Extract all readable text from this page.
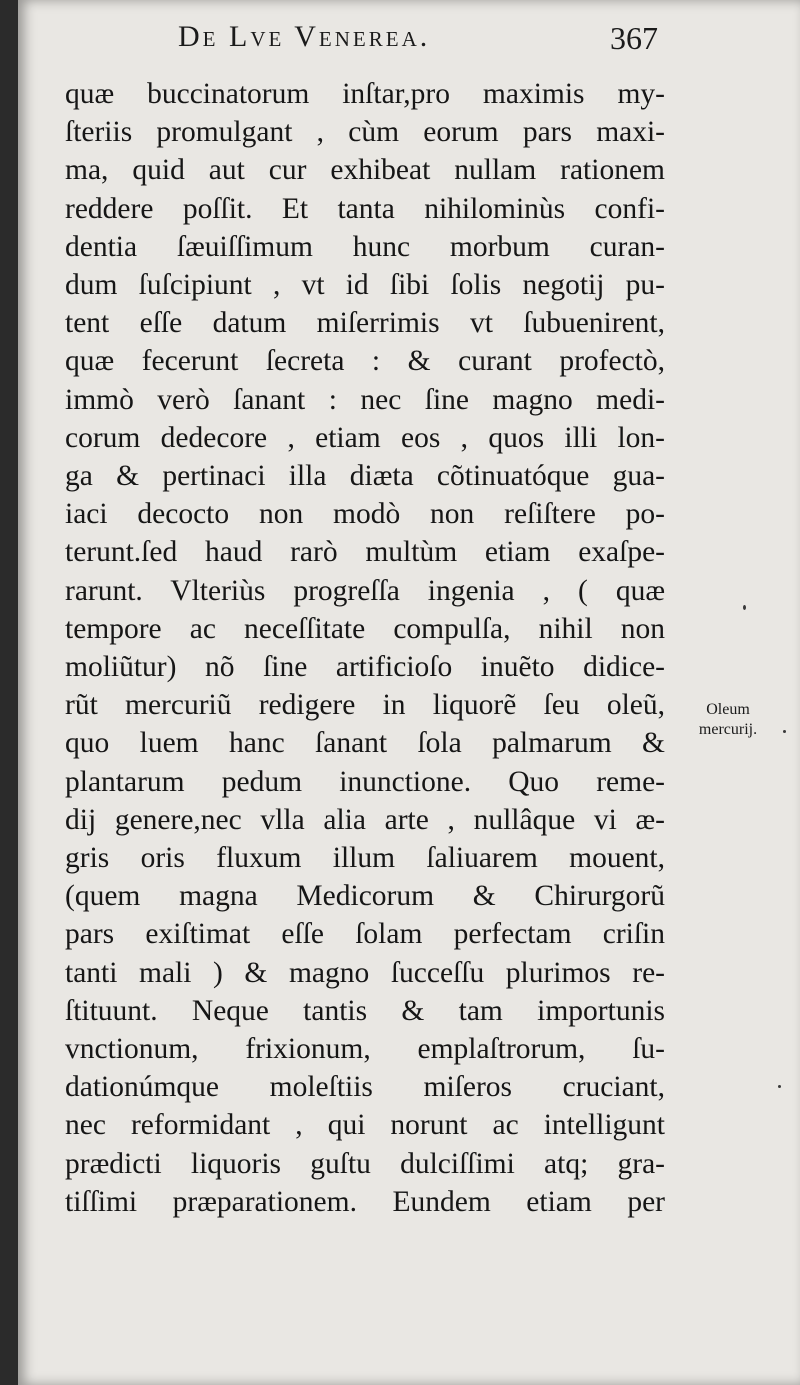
De Lve Venerea.	367
quæ buccinatorum inſtar,pro maximis my-
ſteriis promulgant , cùm eorum pars maxi-
ma, quid aut cur exhibeat nullam rationem
reddere poſſit. Et tanta nihilominùs confi-
dentia ſæuiſſimum hunc morbum curan-
dum ſuſcipiunt , vt id ſibi ſolis negotij pu-
tent eſſe datum miſerrimis vt ſubuenirent,
quæ fecerunt ſecreta : & curant profectò,
immò verò ſanant : nec ſine magno medi-
corum dedecore , etiam eos , quos illi lon-
ga & pertinaci illa diæta cõtinuatóque gua-
iaci decocto non modò non reſiſtere po-
terunt.ſed haud rarò multùm etiam exaſpe-
rarunt. Vlteriùs progreſſa ingenia , ( quæ
tempore ac neceſſitate compulſa, nihil non
moliũtur) nõ ſine artificioſo inuẽto didice-
rũt mercuriũ redigere in liquorẽ ſeu oleũ,
quo luem hanc ſanant ſola palmarum &
plantarum pedum inunctione. Quo reme-
dij genere,nec vlla alia arte , nullâque vi æ-
gris oris fluxum illum ſaliuarem mouent,
(quem magna Medicorum & Chirurgorũ
pars exiſtimat eſſe ſolam perfectam criſin
tanti mali ) & magno ſucceſſu plurimos re-
ſtituunt. Neque tantis & tam importunis
vnctionum, frixionum, emplaſtrorum, ſu-
dationúmque moleſtiis miſeros cruciant,
nec reformidant , qui norunt ac intelligunt
prædicti liquoris guſtu dulciſſimi atq; gra-
tiſſimi præparationem. Eundem etiam per
Oleum
mercurij.
